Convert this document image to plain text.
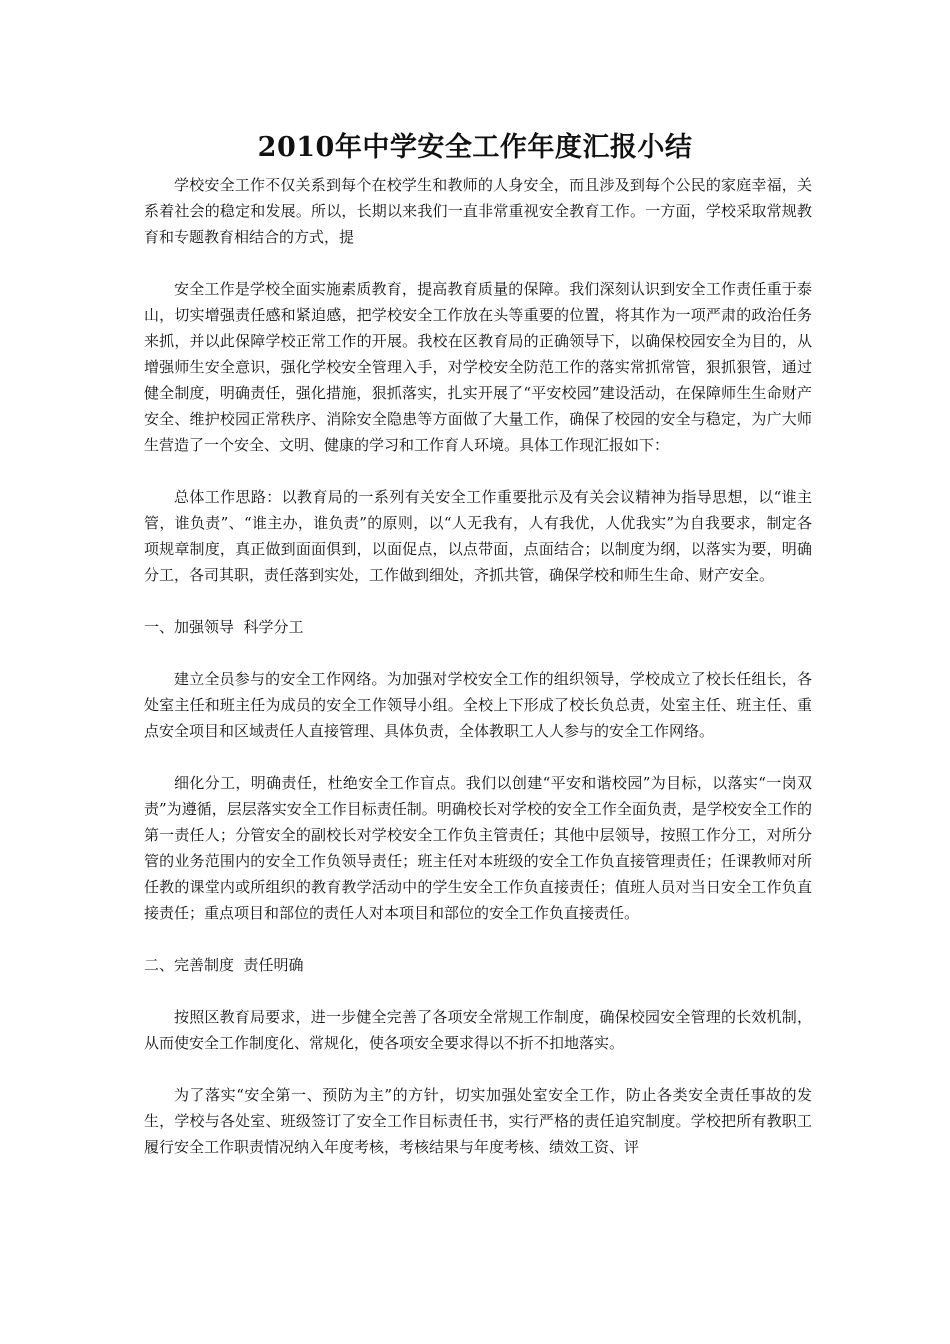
2010年中学安全工作年度汇报小结

学校安全工作不仅关系到每个在校学生和教师的人身安全，而且涉及到每个公民的家庭幸福，关系着社会的稳定和发展。所以，长期以来我们一直非常重视安全教育工作。一方面，学校采取常规教育和专题教育相结合的方式，提

安全工作是学校全面实施素质教育，提高教育质量的保障。我们深刻认识到安全工作责任重于泰山，切实增强责任感和紧迫感，把学校安全工作放在头等重要的位置，将其作为一项严肃的政治任务来抓，并以此保障学校正常工作的开展。我校在区教育局的正确领导下，以确保校园安全为目的，从增强师生安全意识，强化学校安全管理入手，对学校安全防范工作的落实常抓常管，狠抓狠管，通过健全制度，明确责任，强化措施，狠抓落实，扎实开展了“平安校园”建设活动，在保障师生生命财产安全、维护校园正常秩序、消除安全隐患等方面做了大量工作，确保了校园的安全与稳定，为广大师生营造了一个安全、文明、健康的学习和工作育人环境。具体工作现汇报如下：

总体工作思路：以教育局的一系列有关安全工作重要批示及有关会议精神为指导思想，以“谁主管，谁负责”、“谁主办，谁负责”的原则，以“人无我有，人有我优，人优我实”为自我要求，制定各项规章制度，真正做到面面俱到，以面促点，以点带面，点面结合；以制度为纲，以落实为要，明确分工，各司其职，责任落到实处，工作做到细处，齐抓共管，确保学校和师生生命、财产安全。

一、加强领导  科学分工

建立全员参与的安全工作网络。为加强对学校安全工作的组织领导，学校成立了校长任组长，各处室主任和班主任为成员的安全工作领导小组。全校上下形成了校长负总责，处室主任、班主任、重点安全项目和区域责任人直接管理、具体负责，全体教职工人人参与的安全工作网络。

细化分工，明确责任，杜绝安全工作盲点。我们以创建“平安和谐校园”为目标，以落实“一岗双责”为遵循，层层落实安全工作目标责任制。明确校长对学校的安全工作全面负责，是学校安全工作的第一责任人；分管安全的副校长对学校安全工作负主管责任；其他中层领导，按照工作分工，对所分管的业务范围内的安全工作负领导责任；班主任对本班级的安全工作负直接管理责任；任课教师对所任教的课堂内或所组织的教育教学活动中的学生安全工作负直接责任；值班人员对当日安全工作负直接责任；重点项目和部位的责任人对本项目和部位的安全工作负直接责任。

二、完善制度  责任明确

按照区教育局要求，进一步健全完善了各项安全常规工作制度，确保校园安全管理的长效机制，从而使安全工作制度化、常规化，使各项安全要求得以不折不扣地落实。

为了落实“安全第一、预防为主”的方针，切实加强处室安全工作，防止各类安全责任事故的发生，学校与各处室、班级签订了安全工作目标责任书，实行严格的责任追究制度。学校把所有教职工履行安全工作职责情况纳入年度考核，考核结果与年度考核、绩效工资、评
